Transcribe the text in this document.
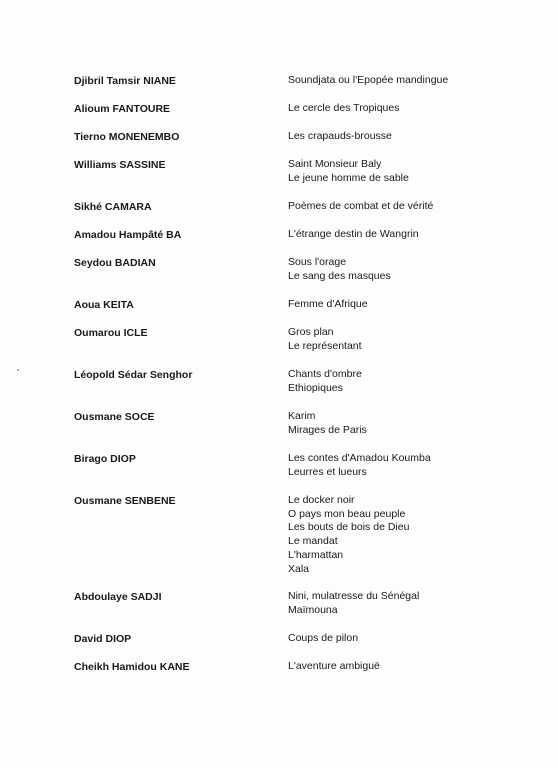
Djibril Tamsir NIANE	Soundjata ou l'Epopée mandingue
Alioum FANTOURE	Le cercle des Tropiques
Tierno MONENEMBO	Les crapauds-brousse
Williams SASSINE	Saint Monsieur Baly
Le jeune homme de sable
Sikhé CAMARA	Poèmes de combat et de vérité
Amadou Hampâté BA	L'étrange destin de Wangrin
Seydou BADIAN	Sous l'orage
Le sang des masques
Aoua KEITA	Femme d'Afrique
Oumarou ICLE	Gros plan
Le représentant
Léopold Sédar Senghor	Chants d'ombre
Ethiopiques
Ousmane SOCE	Karim
Mirages de Paris
Birago DIOP	Les contes d'Amadou Koumba
Leurres et lueurs
Ousmane SENBENE	Le docker noir
O pays mon beau peuple
Les bouts de bois de Dieu
Le mandat
L'harmattan
Xala
Abdoulaye SADJI	Nini, mulatresse du Sénégal
Maïmouna
David DIOP	Coups de pilon
Cheikh Hamidou KANE	L'aventure ambiguë
